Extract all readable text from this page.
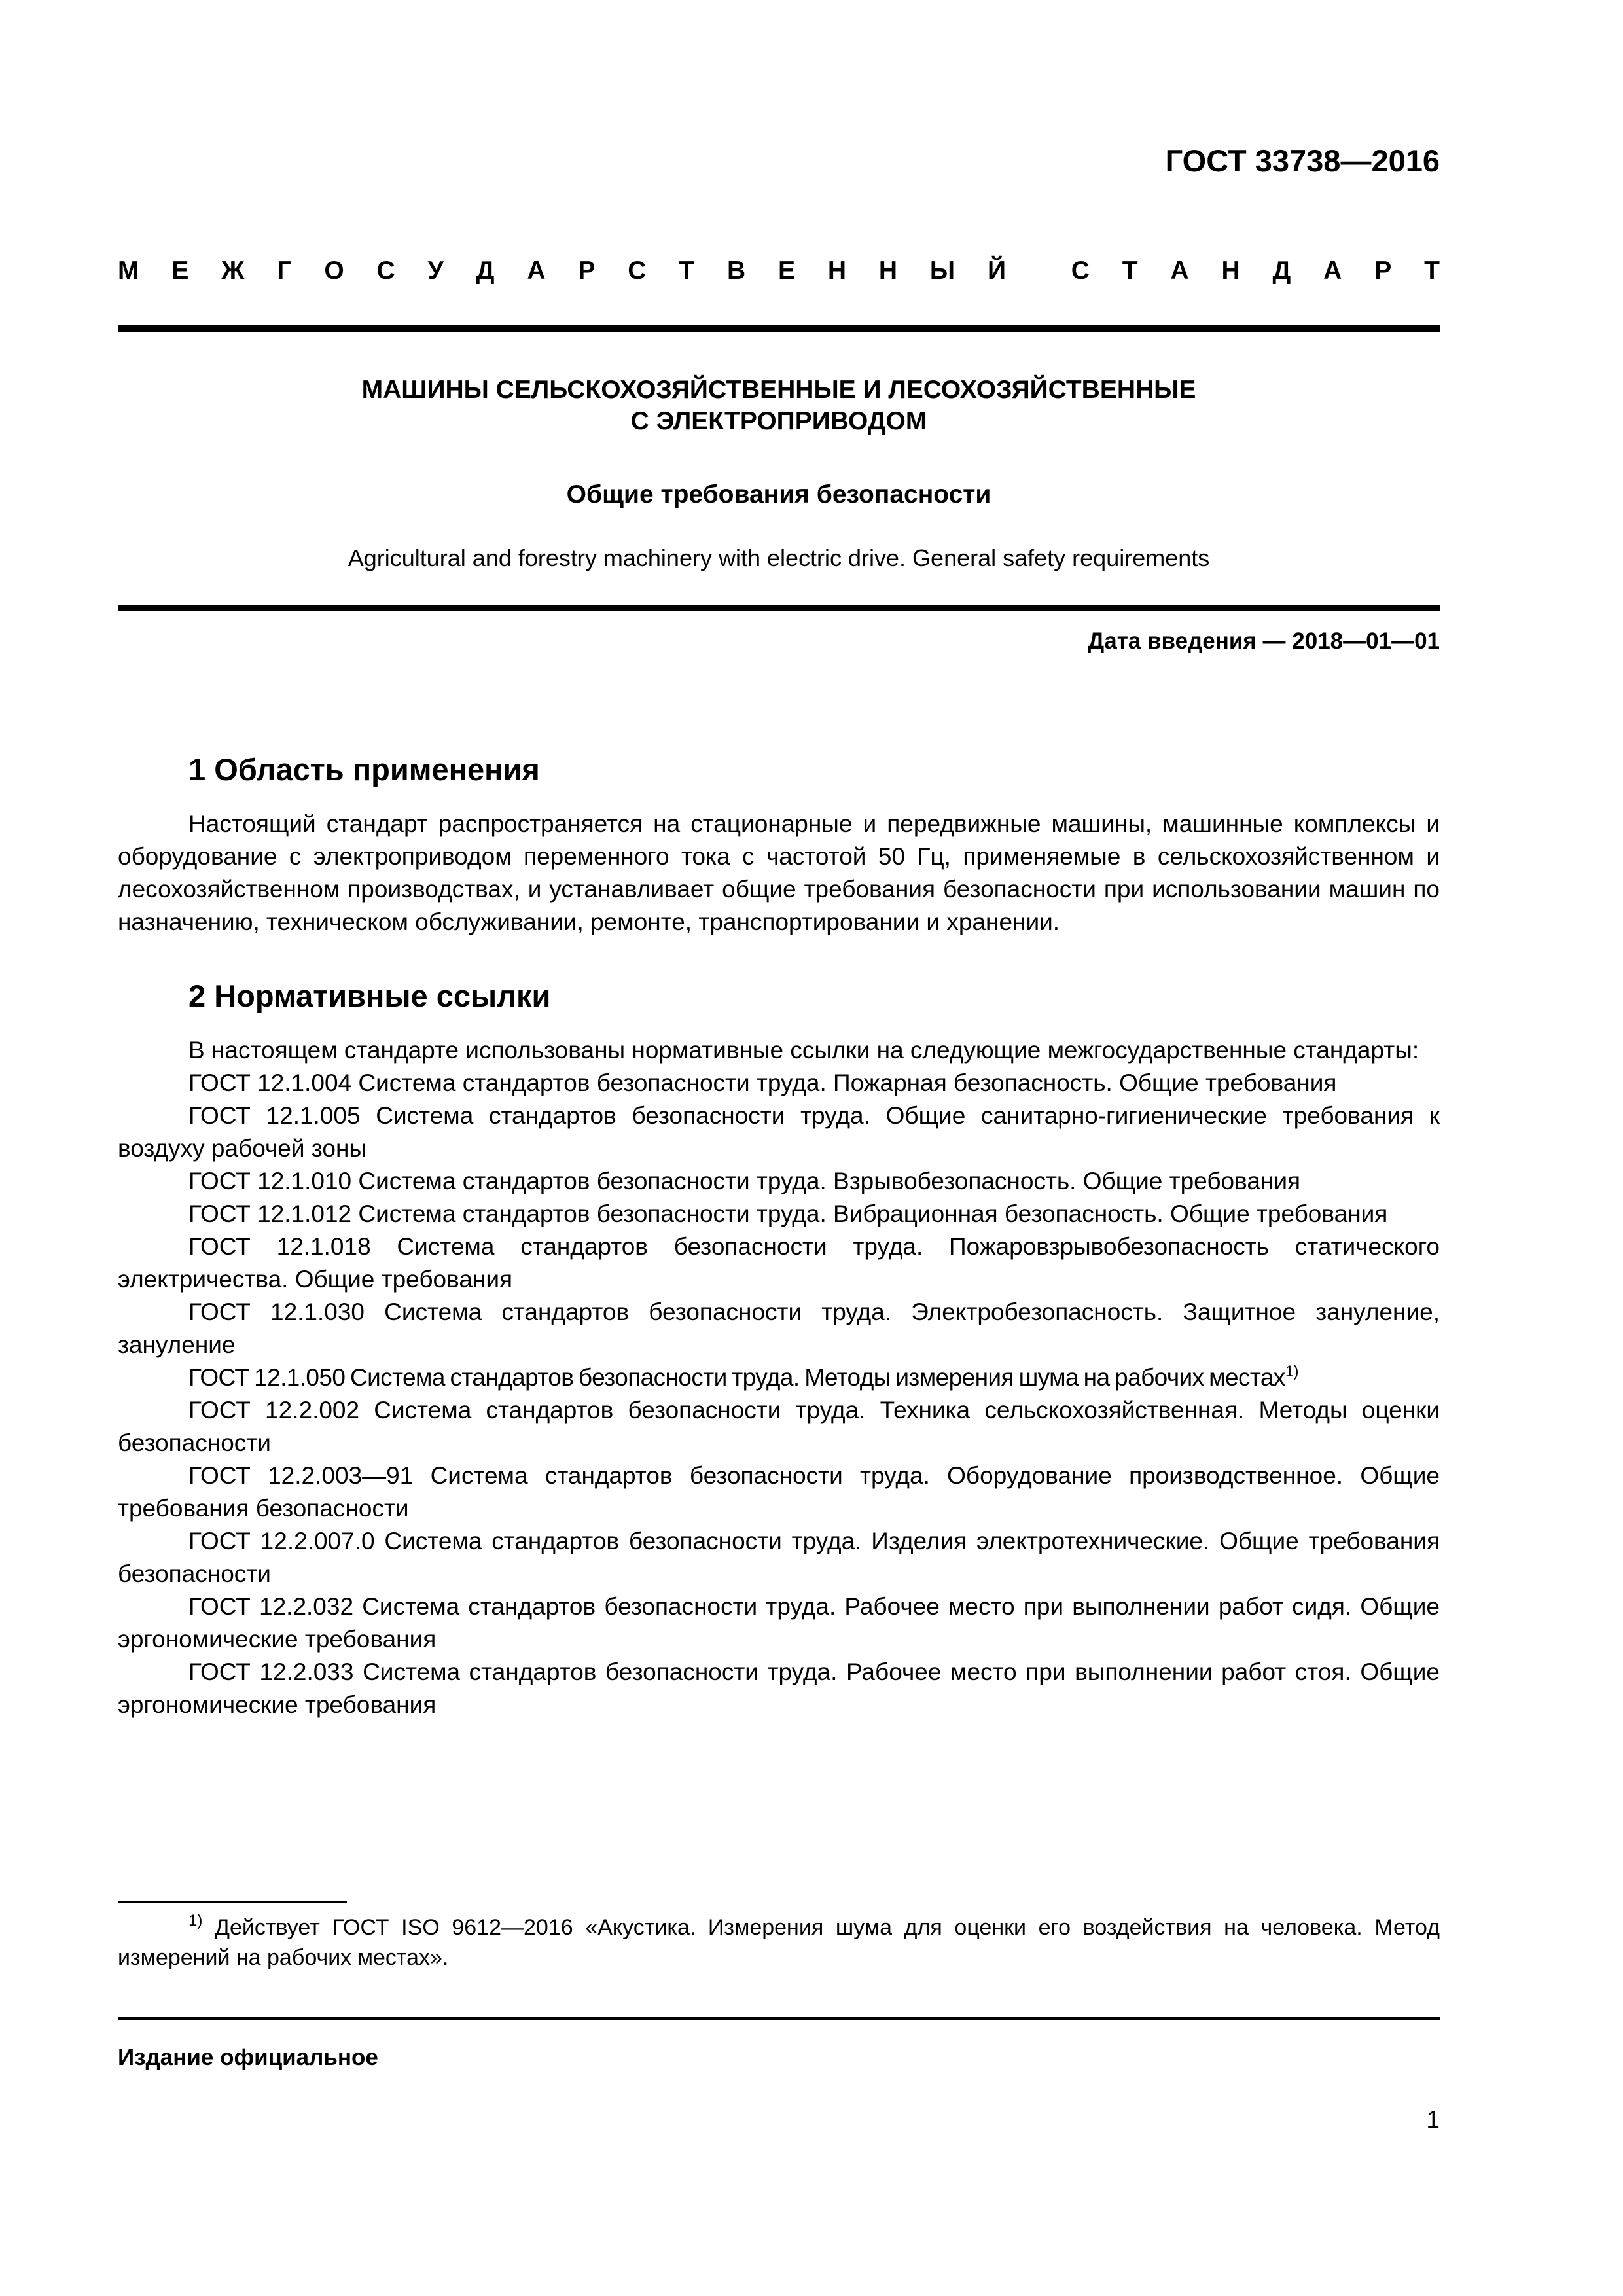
ГОСТ 33738—2016
М Е Ж Г О С У Д А Р С Т В Е Н Н Ы Й	С Т А Н Д А Р Т
МАШИНЫ СЕЛЬСКОХОЗЯЙСТВЕННЫЕ И ЛЕСОХОЗЯЙСТВЕННЫЕ
С ЭЛЕКТРОПРИВОДОМ
Общие требования безопасности
Agricultural and forestry machinery with electric drive. General safety requirements
Дата введения — 2018—01—01
1 Область применения

Настоящий стандарт распространяется на стационарные и передвижные машины, машинные комплексы и оборудование с электроприводом переменного тока с частотой 50 Гц, применяемые в сельскохозяйственном и лесохозяйственном производствах, и устанавливает общие требования безопасности при использовании машин по назначению, техническом обслуживании, ремонте, транспортировании и хранении.

2 Нормативные ссылки

В настоящем стандарте использованы нормативные ссылки на следующие межгосударственные стандарты:

ГОСТ 12.1.004 Система стандартов безопасности труда. Пожарная безопасность. Общие требования
ГОСТ 12.1.005 Система стандартов безопасности труда. Общие санитарно-гигиенические требования к воздуху рабочей зоны
ГОСТ 12.1.010 Система стандартов безопасности труда. Взрывобезопасность. Общие требования
ГОСТ 12.1.012 Система стандартов безопасности труда. Вибрационная безопасность. Общие требования
ГОСТ 12.1.018 Система стандартов безопасности труда. Пожаровзрывобезопасность статического электричества. Общие требования
ГОСТ 12.1.030 Система стандартов безопасности труда. Электробезопасность. Защитное зануление, зануление
ГОСТ 12.1.050 Система стандартов безопасности труда. Методы измерения шума на рабочих местах$^{1)}$
ГОСТ 12.2.002 Система стандартов безопасности труда. Техника сельскохозяйственная. Методы оценки безопасности
ГОСТ 12.2.003—91 Система стандартов безопасности труда. Оборудование производственное. Общие требования безопасности
ГОСТ 12.2.007.0 Система стандартов безопасности труда. Изделия электротехнические. Общие требования безопасности
ГОСТ 12.2.032 Система стандартов безопасности труда. Рабочее место при выполнении работ сидя. Общие эргономические требования
ГОСТ 12.2.033 Система стандартов безопасности труда. Рабочее место при выполнении работ стоя. Общие эргономические требования
$^{1)}$ Действует ГОСТ ISO 9612—2016 «Акустика. Измерения шума для оценки его воздействия на человека. Метод измерений на рабочих местах».
Издание официальное
1
